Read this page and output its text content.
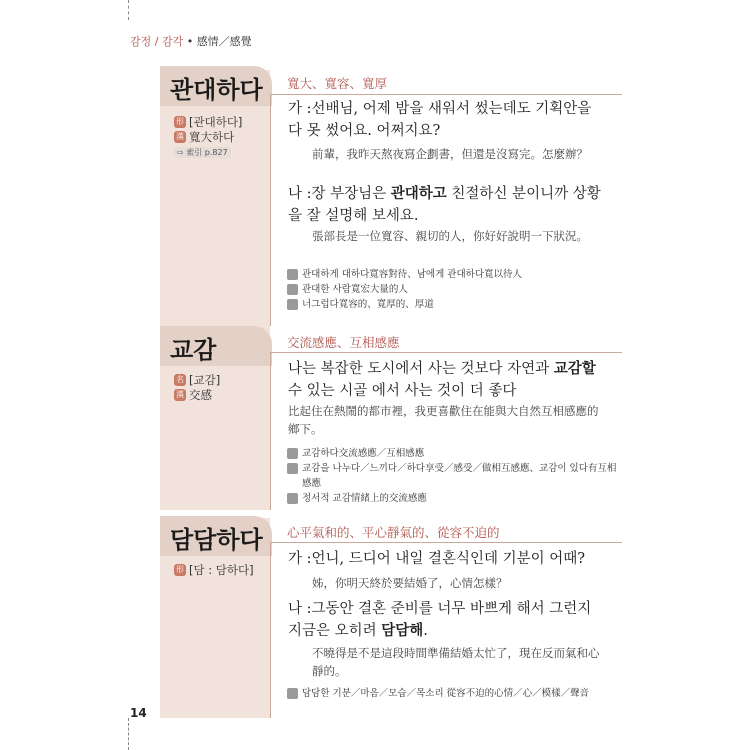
감정 / 감각 • 感情／感覺
관대하다 寬大、寬容、寬厚
形 [관대하다]
漢 寬大하다
⇨ 索引 p.827
가 :선배님, 어제 밤을 새워서 썼는데도 기획안을 다 못 썼어요. 어쩌지요?
前輩，我昨天熬夜寫企劃書，但還是沒寫完。怎麼辦？
나 :장 부장님은 관대하고 친절하신 분이니까 상황을 잘 설명해 보세요.
張部長是一位寬容、親切的人，你好好說明一下狀況。
관대하게 대하다寬容對待、남에게 관대하다寬以待人
관대한 사람寬宏大量的人
너그럽다寬容的、寬厚的、厚道
교감	交流感應、互相感應
名 [교감]
漢 交感
나는 복잡한 도시에서 사는 것보다 자연과 교감할 수 있는 시골 에서 사는 것이 더 좋다
比起住在熱鬧的都市裡，我更喜歡住在能與大自然互相感應的鄉下。
교감하다交流感應／互相感應
교감을 나누다／느끼다／하다享受／感受／做相互感應、교감이 있다有互相感應
정서적 교감情緒上的交流感應
담담하다 心平氣和的、平心靜氣的、從容不迫的
形 [담 : 담하다]
가 :언니, 드디어 내일 결혼식인데 기분이 어때?
姊，你明天終於要結婚了，心情怎樣？
나 :그동안 결혼 준비를 너무 바쁘게 해서 그런지 지금은 오히려 담담해.
不曉得是不是這段時間準備結婚太忙了，現在反而氣和心靜的。
담담한 기분／마음／모습／목소리 從容不迫的心情／心／模樣／聲音
14
